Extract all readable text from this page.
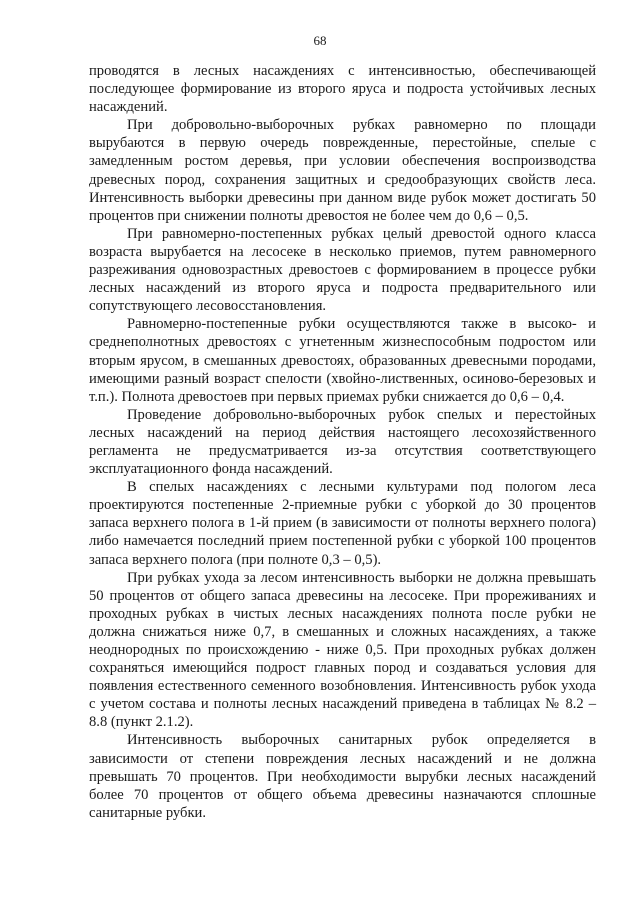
68

проводятся в лесных насаждениях с интенсивностью, обеспечивающей последующее формирование из второго яруса и подроста устойчивых лесных насаждений.

При добровольно-выборочных рубках равномерно по площади вырубаются в первую очередь поврежденные, перестойные, спелые с замедленным ростом деревья, при условии обеспечения воспроизводства древесных пород, сохранения защитных и средообразующих свойств леса. Интенсивность выборки древесины при данном виде рубок может достигать 50 процентов при снижении полноты древостоя не более чем до 0,6 – 0,5.

При равномерно-постепенных рубках целый древостой одного класса возраста вырубается на лесосеке в несколько приемов, путем равномерного разреживания одновозрастных древостоев с формированием в процессе рубки лесных насаждений из второго яруса и подроста предварительного или сопутствующего лесовосстановления.

Равномерно-постепенные рубки осуществляются также в высоко- и среднеполнотных древостоях с угнетенным жизнеспособным подростом или вторым ярусом, в смешанных древостоях, образованных древесными породами, имеющими разный возраст спелости (хвойно-лиственных, осиново-березовых и т.п.). Полнота древостоев при первых приемах рубки снижается до 0,6 – 0,4.

Проведение добровольно-выборочных рубок спелых и перестойных лесных насаждений на период действия настоящего лесохозяйственного регламента не предусматривается из-за отсутствия соответствующего эксплуатационного фонда насаждений.

В спелых насаждениях с лесными культурами под пологом леса проектируются постепенные 2-приемные рубки с уборкой до 30 процентов запаса верхнего полога в 1-й прием (в зависимости от полноты верхнего полога) либо намечается последний прием постепенной рубки с уборкой 100 процентов запаса верхнего полога (при полноте 0,3 – 0,5).

При рубках ухода за лесом интенсивность выборки не должна превышать 50 процентов от общего запаса древесины на лесосеке. При прореживаниях и проходных рубках в чистых лесных насаждениях полнота после рубки не должна снижаться ниже 0,7, в смешанных и сложных насаждениях, а также неоднородных по происхождению - ниже 0,5. При проходных рубках должен сохраняться имеющийся подрост главных пород и создаваться условия для появления естественного семенного возобновления. Интенсивность рубок ухода с учетом состава и полноты лесных насаждений приведена в таблицах № 8.2 – 8.8 (пункт 2.1.2).

Интенсивность выборочных санитарных рубок определяется в зависимости от степени повреждения лесных насаждений и не должна превышать 70 процентов. При необходимости вырубки лесных насаждений более 70 процентов от общего объема древесины назначаются сплошные санитарные рубки.
